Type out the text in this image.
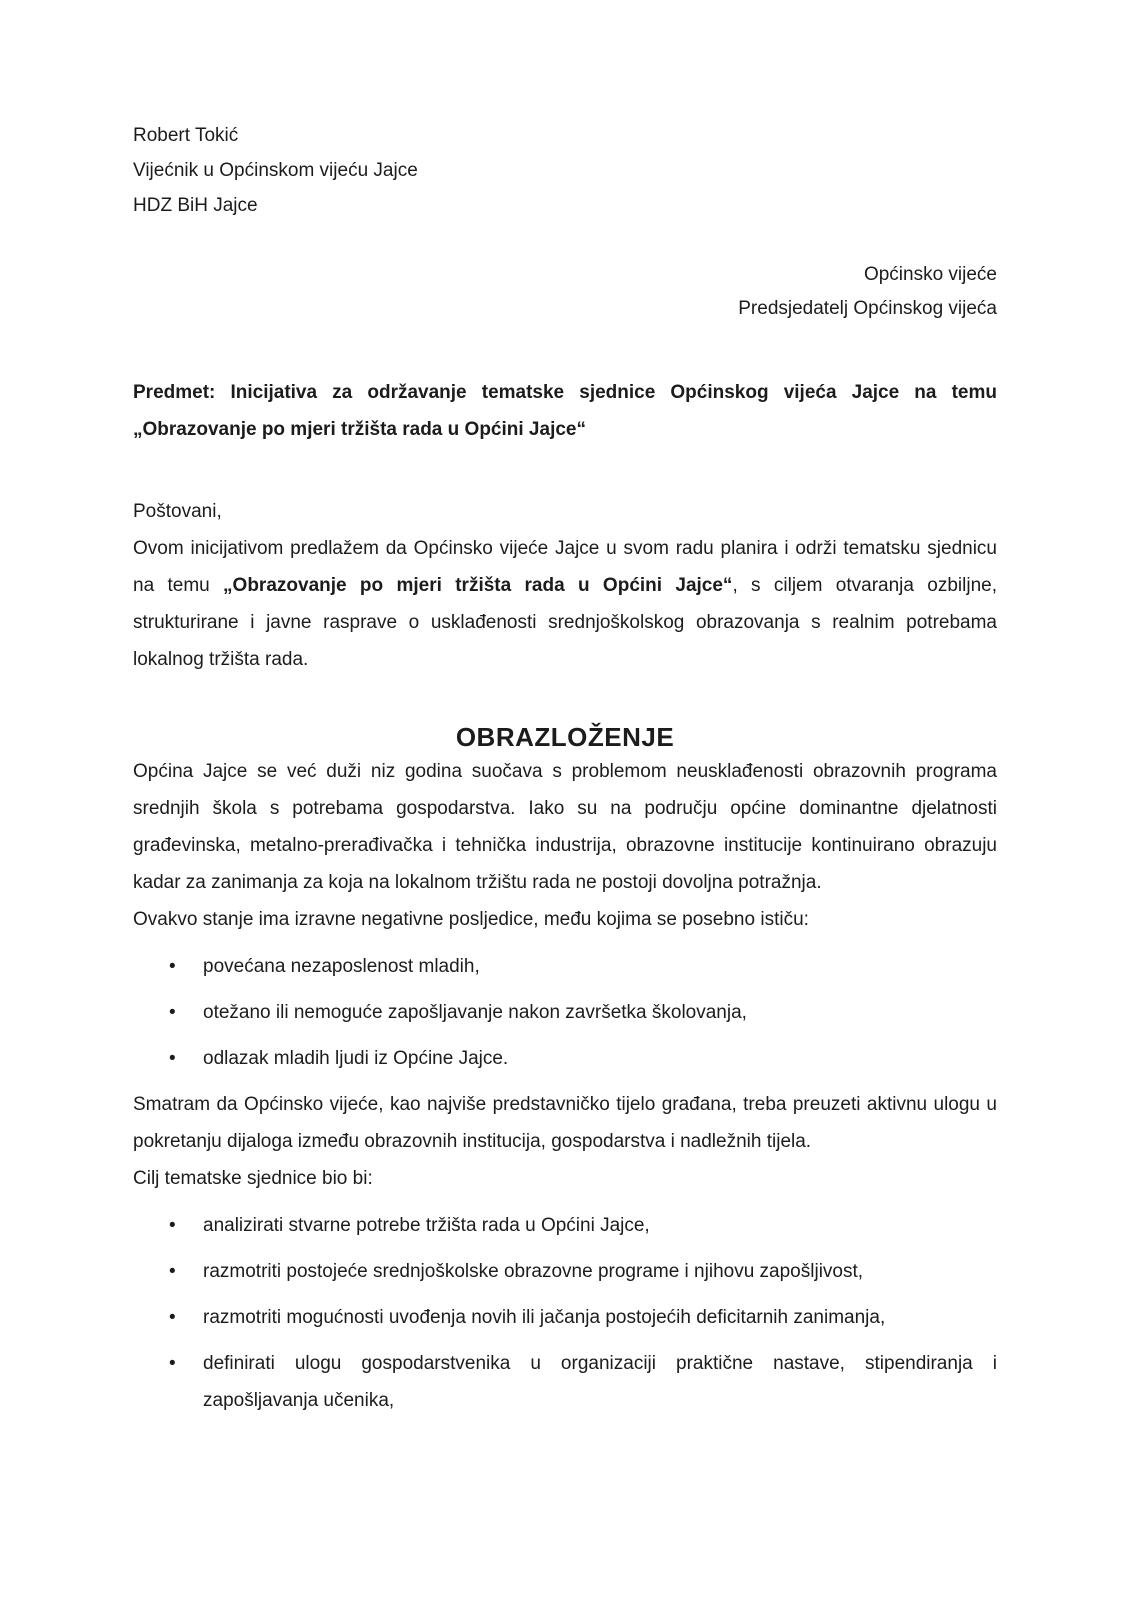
Robert Tokić
Vijećnik u Općinskom vijeću Jajce
HDZ BiH Jajce
Općinsko vijeće
Predsjedatelj Općinskog vijeća

Predmet: Inicijativa za održavanje tematske sjednice Općinskog vijeća Jajce na temu „Obrazovanje po mjeri tržišta rada u Općini Jajce“

Poštovani,

Ovom inicijativom predlažem da Općinsko vijeće Jajce u svom radu planira i održi tematsku sjednicu na temu „Obrazovanje po mjeri tržišta rada u Općini Jajce“, s ciljem otvaranja ozbiljne, strukturirane i javne rasprave o usklađenosti srednjoškolskog obrazovanja s realnim potrebama lokalnog tržišta rada.

OBRAZLOŽENJE

Općina Jajce se već duži niz godina suočava s problemom neusklađenosti obrazovnih programa srednjih škola s potrebama gospodarstva. Iako su na području općine dominantne djelatnosti građevinska, metalno-prerađivačka i tehnička industrija, obrazovne institucije kontinuirano obrazuju kadar za zanimanja za koja na lokalnom tržištu rada ne postoji dovoljna potražnja.

Ovakvo stanje ima izravne negativne posljedice, među kojima se posebno ističu:

• povećana nezaposlenost mladih,
• otežano ili nemoguće zapošljavanje nakon završetka školovanja,
• odlazak mladih ljudi iz Općine Jajce.

Smatram da Općinsko vijeće, kao najviše predstavničko tijelo građana, treba preuzeti aktivnu ulogu u pokretanju dijaloga između obrazovnih institucija, gospodarstva i nadležnih tijela.

Cilj tematske sjednice bio bi:

• analizirati stvarne potrebe tržišta rada u Općini Jajce,
• razmotriti postojeće srednjoškolske obrazovne programe i njihovu zapošljivost,
• razmotriti mogućnosti uvođenja novih ili jačanja postojećih deficitarnih zanimanja,
• definirati ulogu gospodarstvenika u organizaciji praktične nastave, stipendiranja i zapošljavanja učenika,
